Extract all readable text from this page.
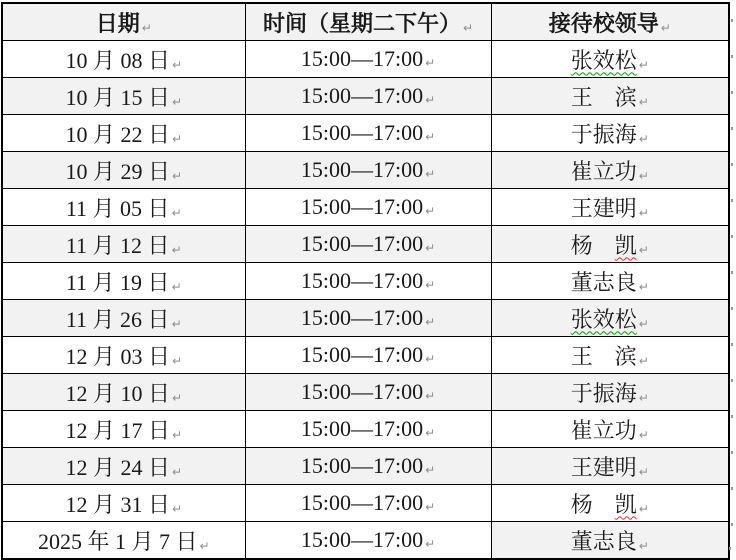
日期 ↵	时间（星期二下午） ↵	接待校领导 ↵
10 月 08 日 ↵	15:00—17:00 ↵	张效松 ↵
10 月 15 日 ↵	15:00—17:00 ↵	王　滨 ↵
10 月 22 日 ↵	15:00—17:00 ↵	于振海 ↵
10 月 29 日 ↵	15:00—17:00 ↵	崔立功 ↵
11 月 05 日 ↵	15:00—17:00 ↵	王建明 ↵
11 月 12 日 ↵	15:00—17:00 ↵	杨　凯 ↵
11 月 19 日 ↵	15:00—17:00 ↵	董志良 ↵
11 月 26 日 ↵	15:00—17:00 ↵	张效松 ↵
12 月 03 日 ↵	15:00—17:00 ↵	王　滨 ↵
12 月 10 日 ↵	15:00—17:00 ↵	于振海 ↵
12 月 17 日 ↵	15:00—17:00 ↵	崔立功 ↵
12 月 24 日 ↵	15:00—17:00 ↵	王建明 ↵
12 月 31 日 ↵	15:00—17:00 ↵	杨　凯 ↵
2025 年 1 月 7 日 ↵	15:00—17:00 ↵	董志良 ↵
